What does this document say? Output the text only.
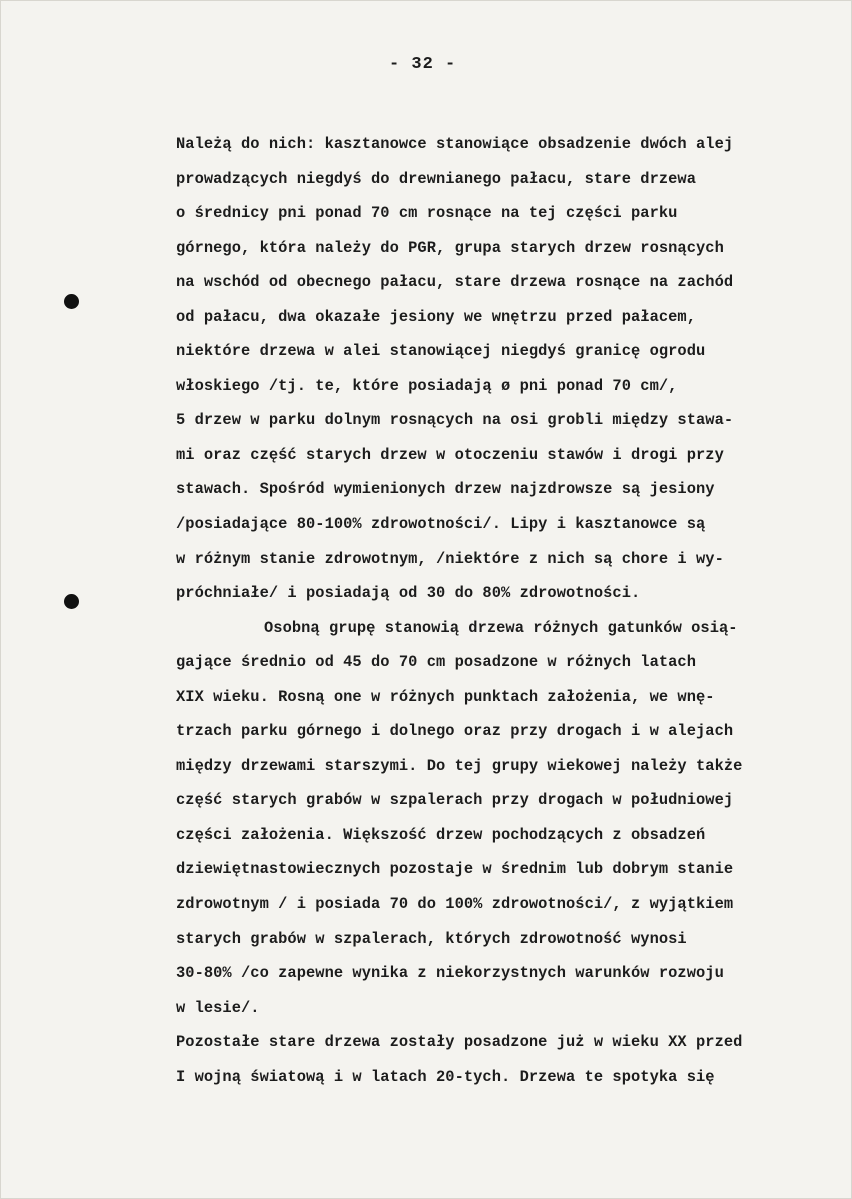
- 32 -
Należą do nich: kasztanowce stanowiące obsadzenie dwóch alej
prowadzących niegdyś do drewnianego pałacu, stare drzewa
o średnicy pni ponad 70 cm rosnące na tej części parku
górnego, która należy do PGR, grupa starych drzew rosnących
na wschód od obecnego pałacu, stare drzewa rosnące na zachód
od pałacu, dwa okazałe jesiony we wnętrzu przed pałacem,
niektóre drzewa w alei stanowiącej niegdyś granicę ogrodu
włoskiego /tj. te, które posiadają ø pni ponad 70 cm/,
5 drzew w parku dolnym rosnących na osi grobli między stawa-
mi oraz część starych drzew w otoczeniu stawów i drogi przy
stawach. Spośród wymienionych drzew najzdrowsze są jesiony
/posiadające 80-100% zdrowotności/. Lipy i kasztanowce są
w różnym stanie zdrowotnym, /niektóre z nich są chore i wy-
próchniałe/ i posiadają od 30 do 80% zdrowotności.
Osobną grupę stanowią drzewa różnych gatunków osią-
gające średnio od 45 do 70 cm posadzone w różnych latach
XIX wieku. Rosną one w różnych punktach założenia, we wnę-
trzach parku górnego i dolnego oraz przy drogach i w alejach
między drzewami starszymi. Do tej grupy wiekowej należy także
część starych grabów w szpalerach przy drogach w południowej
części założenia. Większość drzew pochodzących z obsadzeń
dziewiętnastowiecznych pozostaje w średnim lub dobrym stanie
zdrowotnym / i posiada 70 do 100% zdrowotności/, z wyjątkiem
starych grabów w szpalerach, których zdrowotność wynosi
30-80% /co zapewne wynika z niekorzystnych warunków rozwoju
w lesie/.
Pozostałe stare drzewa zostały posadzone już w wieku XX przed
I wojną światową i w latach 20-tych. Drzewa te spotyka się
